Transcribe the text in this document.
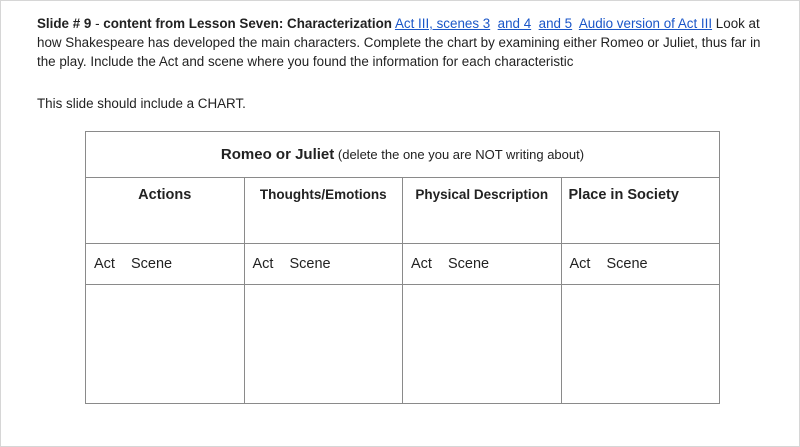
Slide # 9 - content from Lesson Seven: Characterization Act III, scenes 3 and 4 and 5 Audio version of Act III Look at how Shakespeare has developed the main characters. Complete the chart by examining either Romeo or Juliet, thus far in the play. Include the Act and scene where you found the information for each characteristic
This slide should include a CHART.
Romeo or Juliet (delete the one you are NOT writing about)			

Actions	Thoughts/Emotions	Physical Description	Place in Society

Act Scene	Act Scene	Act Scene	Act Scene
